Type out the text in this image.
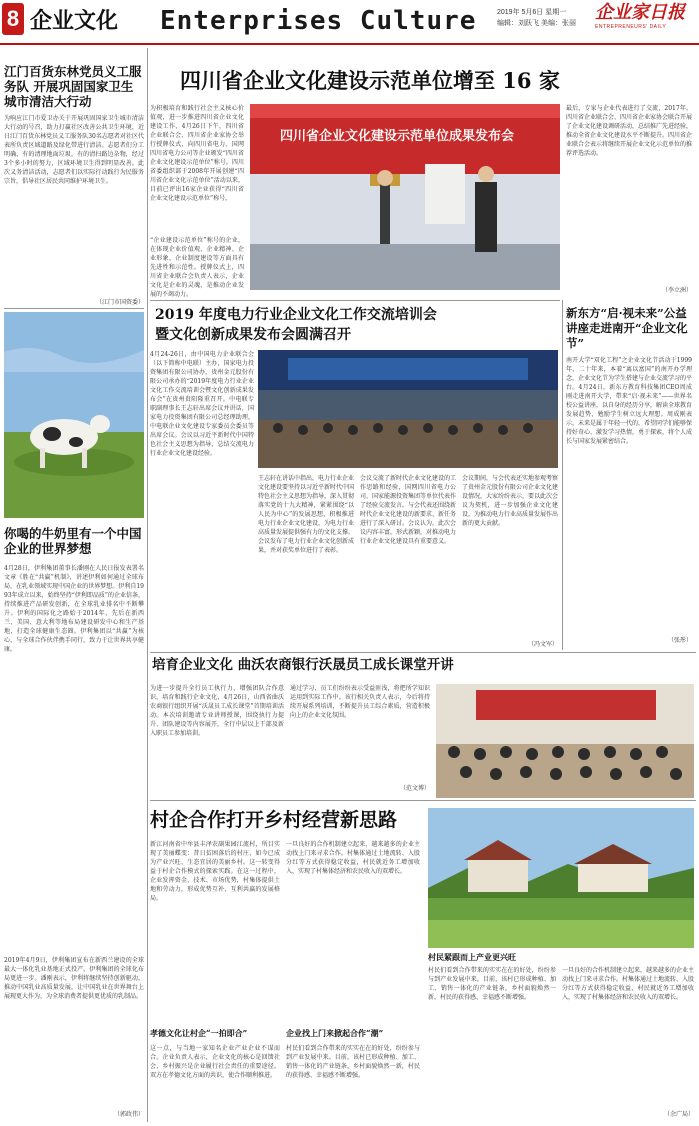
8 企业文化 Enterprises Culture	2019年 5月6日 星期一
编辑：刘跃飞 美编：张丽
企业家日报
ENTREPRENEURS' DAILY
江门百货东林党员义工服务队 开展巩固国家卫生城市清洁大行动
为响应江门市爱卫办关于开展巩固国家卫生城市清洁大行动的号召，助力打赢社区改善公共卫生环境，近日江门百货东林党员义工服务队30名志愿者对社区代表所负责区域道路及绿化带进行清洁。志愿者们分工明确，有的清理地面垃圾，有的清扫路边杂物，经过3个多小时的努力，区域环境卫生得到明显改善。此次义务清洁活动，志愿者们以实际行动践行为民服务宗旨，倡导社区居民共同维护环境卫生。
（江门市国资委）
你喝的牛奶里有一个中国企业的世界梦想
4月28日，伊利集团董事长潘刚在人民日报发表署名文章《胜在“共赢”机制》，讲述伊利如何通过全球布局，在乳业领域实现中国企业的世界梦想。伊利自1993年成立以来，始终坚持“伊利即品质”的企业信条，持续推进产品研发创新，在全球乳业排名中不断攀升。伊利的国际化之路始于2014年，先后在新西兰、美国、意大利等地布局建设研发中心和生产基地，打造全球健康生态圈。伊利集团以“共赢”为核心，与全球合作伙伴携手同行，致力于让世界共享健康。
2019年4月9日，伊利集团宣布在新西兰建设的全球最大一体化乳业基地正式投产，伊利集团的全球化布局更进一步。潘刚表示，伊利将继续坚持创新驱动，推动中国乳业高质量发展，让中国乳业在世界舞台上展现更大作为，为全球消费者提供更优质的乳制品。
（郭政伟）
四川省企业文化建设示范单位增至 16 家
为积极培育和践行社会主义核心价值观，进一步推进四川省企业文化建设工作，4月26日下午，四川省企业联合会、四川省企业家协会举行授牌仪式，向四川省电力、国网四川省电力公司等企业颁发“四川省企业文化建设示范单位”称号。四川省委组织部于2008年开展创建“四川省企业文化示范单位”活动以来，目前已评出16家企业获得“四川省企业文化建设示范单位”称号。
“企业建设示范单位”称号的企业，在体现企业价值观、企业精神、企业形象、企业制度建设等方面具有先进性和示范性。授牌仪式上，四川省企业联合会负责人表示，企业文化是企业的灵魂，是推动企业发展的不竭动力。
四川省企业文化建设示范单位成果发布会
最后，专家与企业代表进行了交流，2017年，四川省企业联合会、四川省企业家协会联合开展了企业文化建设调研活动，总结推广先进经验，推动全省企业文化建设水平不断提升。四川省企业联合会表示将继续开展企业文化示范单位的推荐评选活动。
（李立洲）
2019 年度电力行业企业文化工作交流培训会
暨文化创新成果发布会圆满召开
4月24-26日，由中国电力企业联合会（以下简称中电联）主办，国家电力投资集团有限公司协办，贵州金元股份有限公司承办的“2019年度电力行业企业文化工作交流培训会暨文化创新成果发布会”在贵州贵阳隆重召开。中电联专职副理事长王志轩出席会议并讲话，国家电力投资集团有限公司总经理助理，中电联企业文化建设专家委员会委员等出席会议。会议以习近平新时代中国特色社会主义思想为指导，总结交流电力行业企业文化建设经验。
王志轩在讲话中指出，电力行业企业文化建设要坚持以习近平新时代中国特色社会主义思想为指导，深入贯彻落实党的十九大精神，紧紧围绕“以人民为中心”的发展思想，积极推进电力行业企业文化建设，为电力行业高质量发展提供强有力的文化支撑。会议发布了电力行业企业文化创新成果，并对获奖单位进行了表彰。
会议交流了新时代企业文化建设的工作思路和经验，国网四川省电力公司、国家能源投资集团等单位代表作了经验交流发言。与会代表还围绕新时代企业文化建设的新要求、新任务进行了深入研讨。会议认为，此次会议内容丰富，形式新颖，对推动电力行业企业文化建设具有重要意义。
会议期间，与会代表还实地参观考察了贵州金元股份有限公司企业文化建设情况，大家纷纷表示，要以此次会议为契机，进一步加强企业文化建设，为推动电力行业高质量发展作出新的更大贡献。
（冯文军）
新东方“启·视未来”公益讲座走进南开“企业文化节”
南开大学“双化工程”之企业文化节活动于1999年，二十年来，本着“离以富国”的南开办学理念，企业文化节为学生搭建与企业交流学习的平台。4月24日，新东方教育科技集团CEO周成刚走进南开大学，带来“启·视未来”——世界名校公益讲座，以自身的经历分享，解读全球教育发展趋势，勉励学生树立远大理想。周成刚表示，未来是属于年轻一代的，希望同学们能够保持好奇心、激发学习热情，勇于探索，将个人成长与国家发展紧密结合。
（张彤）
培育企业文化 曲沃农商银行沃晟员工成长课堂开讲
为进一步提升全行员工执行力，增强团队合作意识，培育和践行企业文化，4月26日，山西省曲沃农商银行组织开展“沃晟员工成长课堂”首期培训活动。本次培训邀请专业讲师授课，围绕执行力提升、团队建设等内容展开，全行中层以上干部及新入职员工参加培训。
通过学习，员工们纷纷表示受益匪浅，将把所学知识运用到实际工作中。该行相关负责人表示，今后将持续开展系列培训，不断提升员工综合素质，营造积极向上的企业文化氛围。
（范文博）
村企合作打开乡村经营新思路
新江河南省中牟县丰泽农副果园江流村，所目实现了美丽蝶变：昔日贫困落后的村庄，如今已成为产业兴旺、生态宜居的美丽乡村。这一转变得益于村企合作模式的探索实践。在这一过程中，企业发挥资金、技术、市场优势，村集体提供土地和劳动力，形成优势互补、互利共赢的发展格局。
孝德文化让村企“一拍即合”
这一点，与当地一家知名企业产业企业不谋而合。企业负责人表示，企业文化的核心是回馈社会，乡村振兴是企业履行社会责任的重要途径。双方在孝德文化方面的共识，使合作顺利推进。
一旦良好的合作机制建立起来，越来越多的企业主动找上门来寻求合作。村集体通过土地流转、入股分红等方式获得稳定收益，村民就近务工增加收入，实现了村集体经济和农民收入的双增长。
企业找上门来掀起合作“潮”
村民们看到合作带来的实实在在的好处，纷纷参与到产业发展中来。目前，该村已形成种植、加工、销售一体化的产业链条，乡村面貌焕然一新，村民的获得感、幸福感不断增强。
村民紧跟而上产业更兴旺
村民们看到合作带来的实实在在的好处，纷纷参与到产业发展中来。目前，该村已形成种植、加工、销售一体化的产业链条，乡村面貌焕然一新，村民的获得感、幸福感不断增强。
一旦良好的合作机制建立起来，越来越多的企业主动找上门来寻求合作。村集体通过土地流转、入股分红等方式获得稳定收益，村民就近务工增加收入，实现了村集体经济和农民收入的双增长。
（余广局）
